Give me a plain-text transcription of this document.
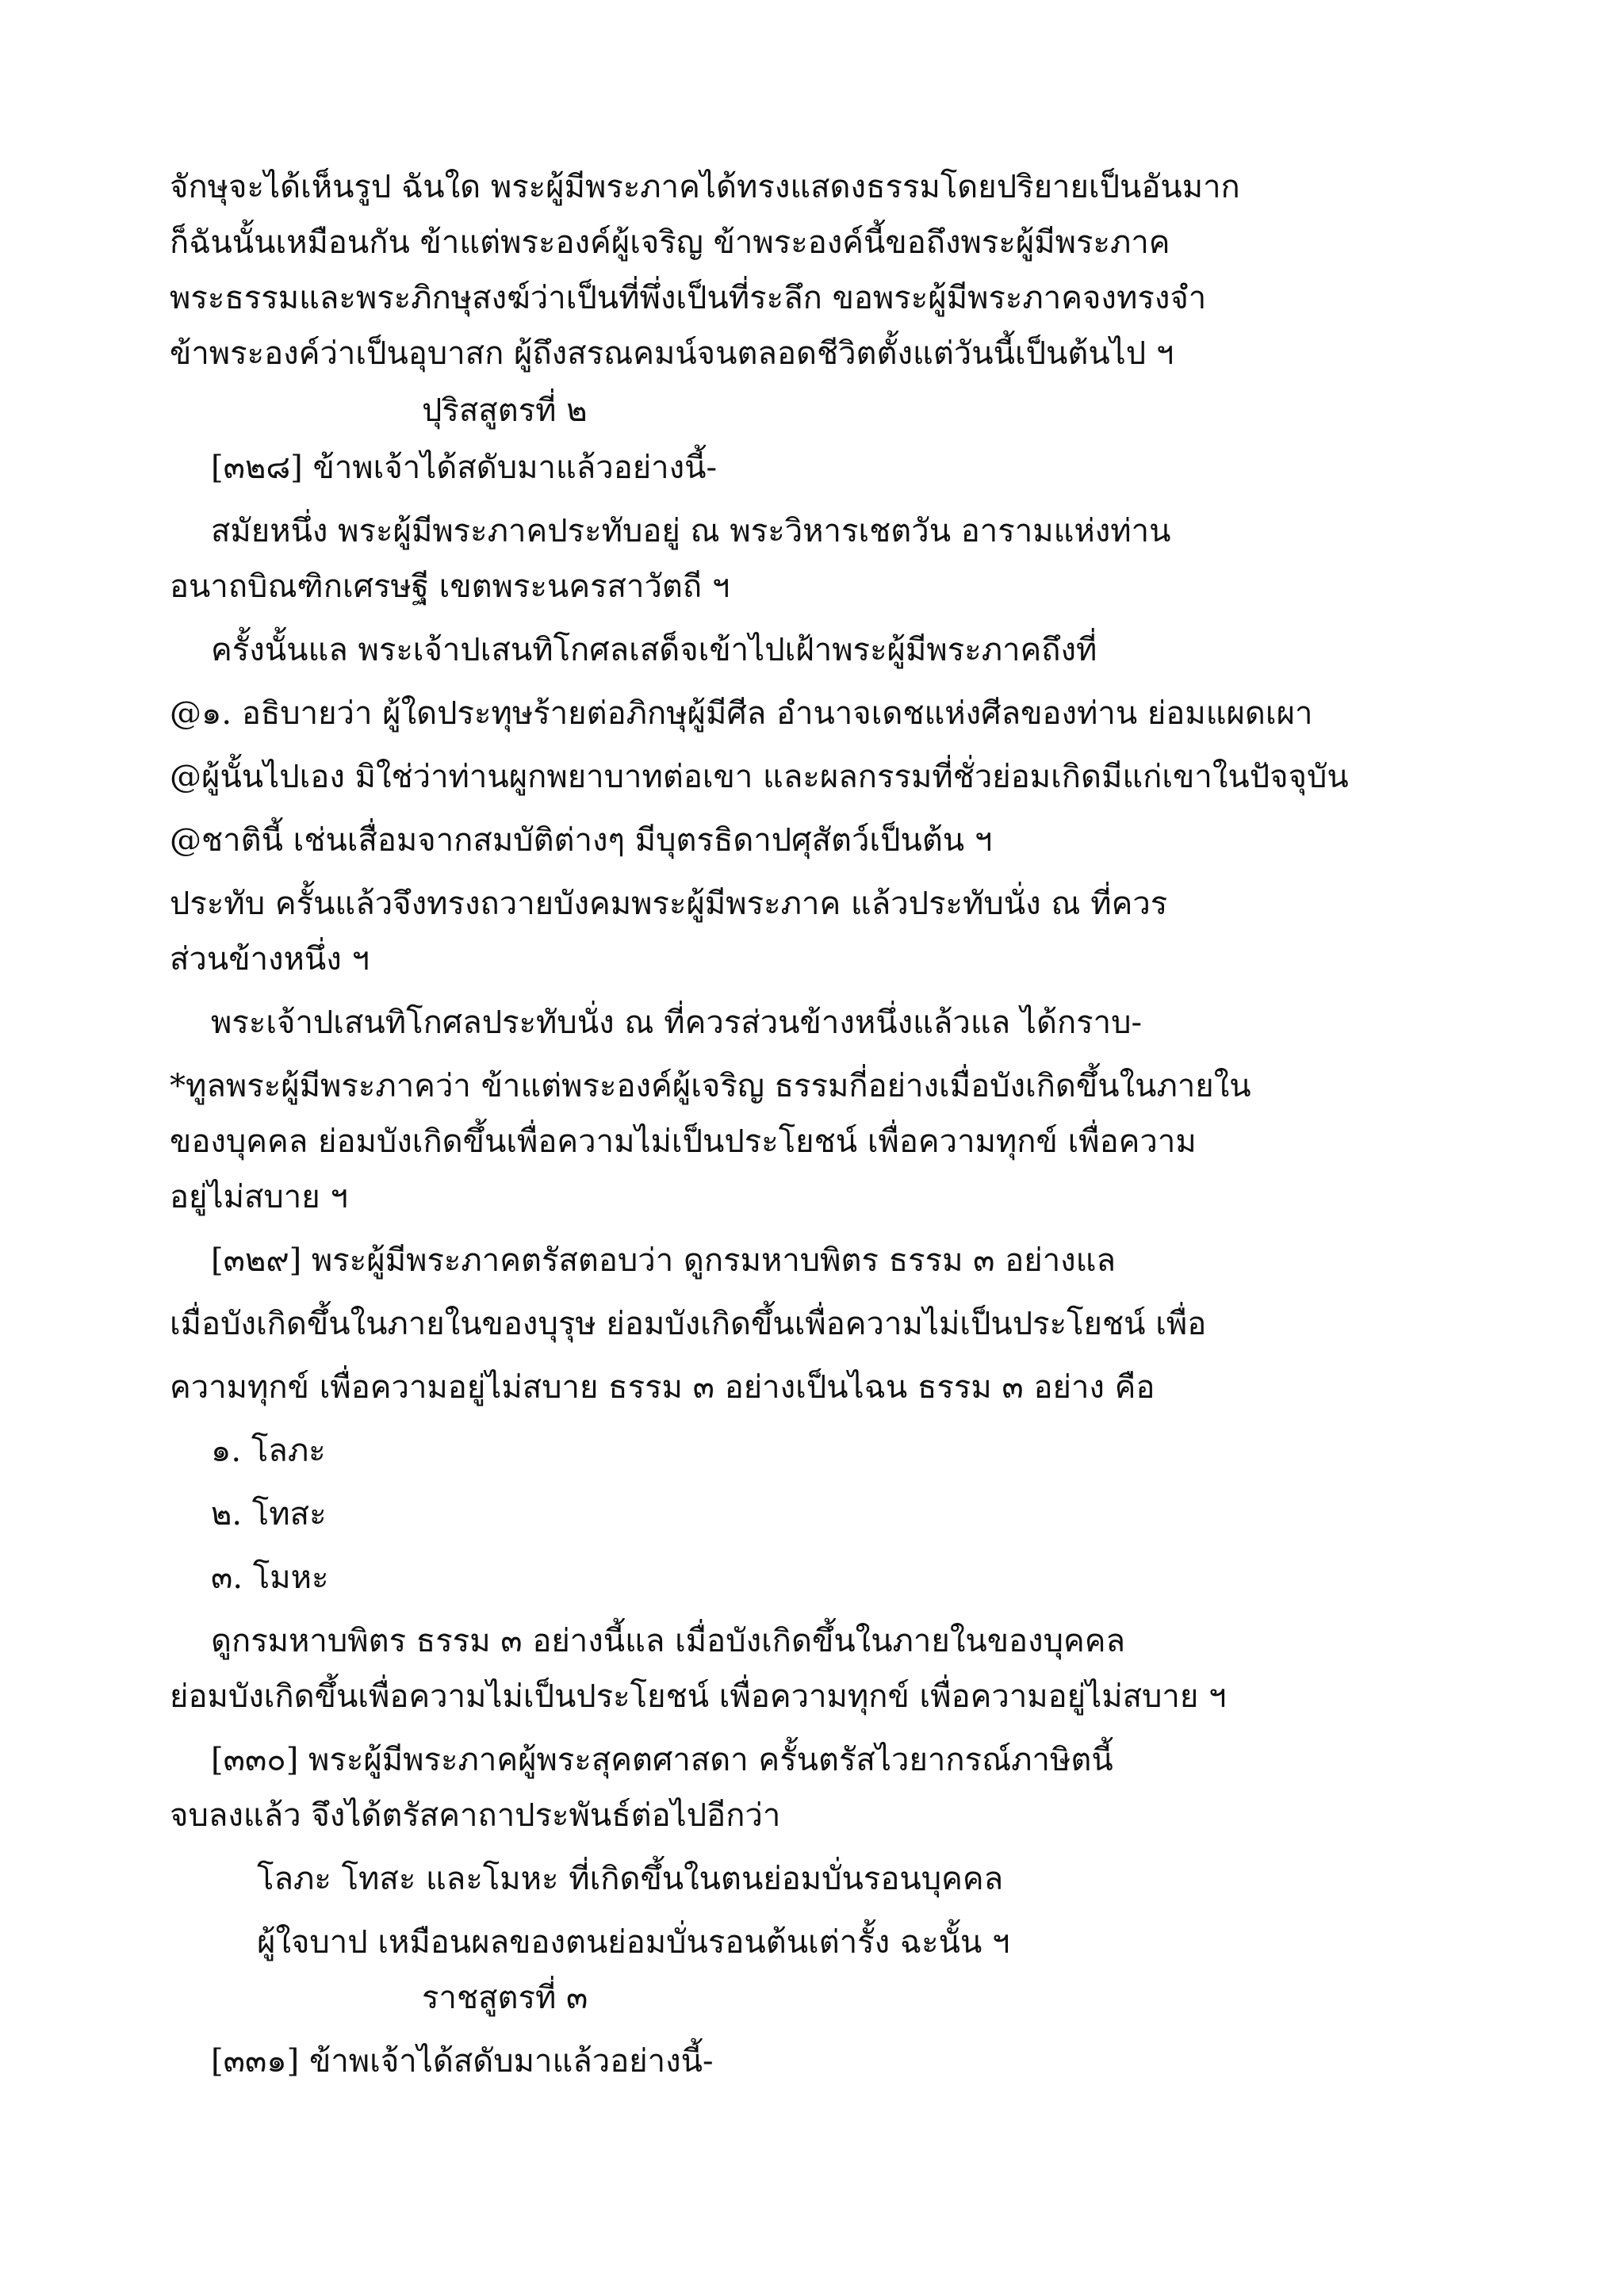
จักษุจะได้เห็นรูป ฉันใด พระผู้มีพระภาคได้ทรงแสดงธรรมโดยปริยายเป็นอันมาก
ก็ฉันนั้นเหมือนกัน ข้าแต่พระองค์ผู้เจริญ ข้าพระองค์นี้ขอถึงพระผู้มีพระภาค
พระธรรมและพระภิกษุสงฆ์ว่าเป็นที่พึ่งเป็นที่ระลึก ขอพระผู้มีพระภาคจงทรงจำ
ข้าพระองค์ว่าเป็นอุบาสก ผู้ถึงสรณคมน์จนตลอดชีวิตตั้งแต่วันนี้เป็นต้นไป ฯ
ปุริสสูตรที่ ๒
[๓๒๘] ข้าพเจ้าได้สดับมาแล้วอย่างนี้-
สมัยหนึ่ง พระผู้มีพระภาคประทับอยู่ ณ พระวิหารเชตวัน อารามแห่งท่าน
อนาถบิณฑิกเศรษฐี เขตพระนครสาวัตถี ฯ
ครั้งนั้นแล พระเจ้าปเสนทิโกศลเสด็จเข้าไปเฝ้าพระผู้มีพระภาคถึงที่
@๑. อธิบายว่า ผู้ใดประทุษร้ายต่อภิกษุผู้มีศีล อำนาจเดชแห่งศีลของท่าน ย่อมแผดเผา
@ผู้นั้นไปเอง มิใช่ว่าท่านผูกพยาบาทต่อเขา และผลกรรมที่ชั่วย่อมเกิดมีแก่เขาในปัจจุบัน
@ชาตินี้ เช่นเสื่อมจากสมบัติต่างๆ มีบุตรธิดาปศุสัตว์เป็นต้น ฯ
ประทับ ครั้นแล้วจึงทรงถวายบังคมพระผู้มีพระภาค แล้วประทับนั่ง ณ ที่ควร
ส่วนข้างหนึ่ง ฯ
พระเจ้าปเสนทิโกศลประทับนั่ง ณ ที่ควรส่วนข้างหนึ่งแล้วแล ได้กราบ-
*ทูลพระผู้มีพระภาคว่า ข้าแต่พระองค์ผู้เจริญ ธรรมกี่อย่างเมื่อบังเกิดขึ้นในภายใน
ของบุคคล ย่อมบังเกิดขึ้นเพื่อความไม่เป็นประโยชน์ เพื่อความทุกข์ เพื่อความ
อยู่ไม่สบาย ฯ
[๓๒๙] พระผู้มีพระภาคตรัสตอบว่า ดูกรมหาบพิตร ธรรม ๓ อย่างแล
เมื่อบังเกิดขึ้นในภายในของบุรุษ ย่อมบังเกิดขึ้นเพื่อความไม่เป็นประโยชน์ เพื่อ
ความทุกข์ เพื่อความอยู่ไม่สบาย ธรรม ๓ อย่างเป็นไฉน ธรรม ๓ อย่าง คือ
๑. โลภะ
๒. โทสะ
๓. โมหะ
ดูกรมหาบพิตร ธรรม ๓ อย่างนี้แล เมื่อบังเกิดขึ้นในภายในของบุคคล
ย่อมบังเกิดขึ้นเพื่อความไม่เป็นประโยชน์ เพื่อความทุกข์ เพื่อความอยู่ไม่สบาย ฯ
[๓๓๐] พระผู้มีพระภาคผู้พระสุคตศาสดา ครั้นตรัสไวยากรณ์ภาษิตนี้
จบลงแล้ว จึงได้ตรัสคาถาประพันธ์ต่อไปอีกว่า
โลภะ โทสะ และโมหะ ที่เกิดขึ้นในตนย่อมบั่นรอนบุคคล
ผู้ใจบาป เหมือนผลของตนย่อมบั่นรอนต้นเต่ารั้ง ฉะนั้น ฯ
ราชสูตรที่ ๓
[๓๓๑] ข้าพเจ้าได้สดับมาแล้วอย่างนี้-
